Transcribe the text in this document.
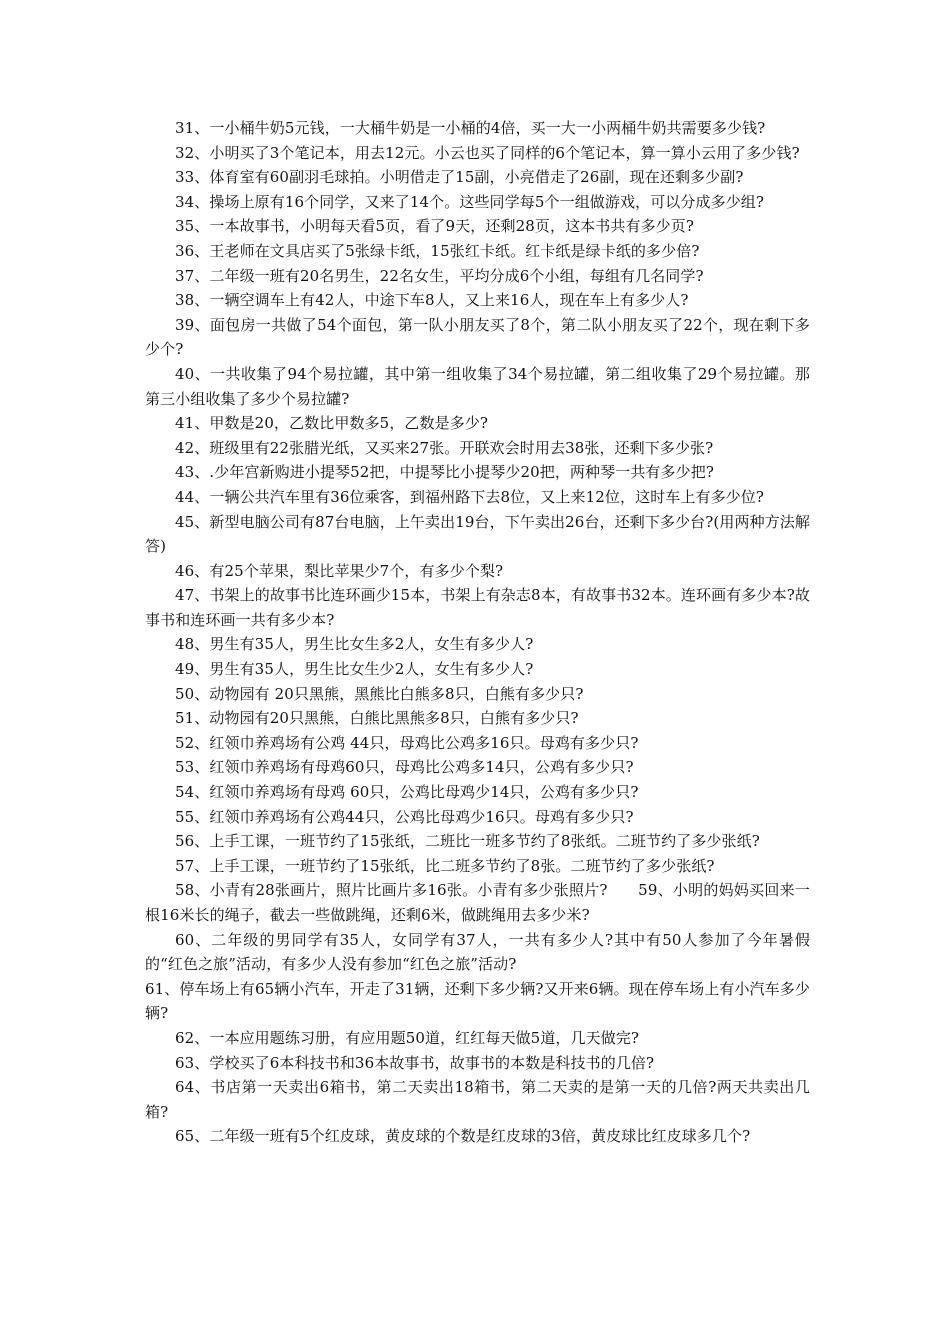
31、一小桶牛奶5元钱，一大桶牛奶是一小桶的4倍，买一大一小两桶牛奶共需要多少钱?

32、小明买了3个笔记本，用去12元。小云也买了同样的6个笔记本，算一算小云用了多少钱?

33、体育室有60副羽毛球拍。小明借走了15副，小亮借走了26副，现在还剩多少副?

34、操场上原有16个同学，又来了14个。这些同学每5个一组做游戏，可以分成多少组?

35、一本故事书，小明每天看5页，看了9天，还剩28页，这本书共有多少页?

36、王老师在文具店买了5张绿卡纸，15张红卡纸。红卡纸是绿卡纸的多少倍?

37、二年级一班有20名男生，22名女生，平均分成6个小组，每组有几名同学?

38、一辆空调车上有42人，中途下车8人，又上来16人，现在车上有多少人?

39、面包房一共做了54个面包，第一队小朋友买了8个，第二队小朋友买了22个，现在剩下多少个?

40、一共收集了94个易拉罐，其中第一组收集了34个易拉罐，第二组收集了29个易拉罐。那第三小组收集了多少个易拉罐?

41、甲数是20，乙数比甲数多5，乙数是多少?

42、班级里有22张腊光纸，又买来27张。开联欢会时用去38张，还剩下多少张?

43、.少年宫新购进小提琴52把，中提琴比小提琴少20把，两种琴一共有多少把?

44、一辆公共汽车里有36位乘客，到福州路下去8位，又上来12位，这时车上有多少位?

45、新型电脑公司有87台电脑，上午卖出19台，下午卖出26台，还剩下多少台?(用两种方法解答)

46、有25个苹果，梨比苹果少7个，有多少个梨?

47、书架上的故事书比连环画少15本，书架上有杂志8本，有故事书32本。连环画有多少本?故事书和连环画一共有多少本?

48、男生有35人，男生比女生多2人，女生有多少人?

49、男生有35人，男生比女生少2人，女生有多少人?

50、动物园有 20只黑熊，黑熊比白熊多8只，白熊有多少只?

51、动物园有20只黑熊，白熊比黑熊多8只，白熊有多少只?

52、红领巾养鸡场有公鸡 44只，母鸡比公鸡多16只。母鸡有多少只?

53、红领巾养鸡场有母鸡60只，母鸡比公鸡多14只，公鸡有多少只?

54、红领巾养鸡场有母鸡 60只，公鸡比母鸡少14只，公鸡有多少只?

55、红领巾养鸡场有公鸡44只，公鸡比母鸡少16只。母鸡有多少只?

56、上手工课，一班节约了15张纸，二班比一班多节约了8张纸。二班节约了多少张纸?

57、上手工课，一班节约了15张纸，比二班多节约了8张。二班节约了多少张纸?

58、小青有28张画片，照片比画片多16张。小青有多少张照片?　　59、小明的妈妈买回来一根16米长的绳子，截去一些做跳绳，还剩6米，做跳绳用去多少米?

60、二年级的男同学有35人，女同学有37人，一共有多少人?其中有50人参加了今年暑假的“红色之旅”活动，有多少人没有参加“红色之旅”活动?

61、停车场上有65辆小汽车，开走了31辆，还剩下多少辆?又开来6辆。现在停车场上有小汽车多少辆?

62、一本应用题练习册，有应用题50道，红红每天做5道，几天做完?

63、学校买了6本科技书和36本故事书，故事书的本数是科技书的几倍?

64、书店第一天卖出6箱书，第二天卖出18箱书，第二天卖的是第一天的几倍?两天共卖出几箱?

65、二年级一班有5个红皮球，黄皮球的个数是红皮球的3倍，黄皮球比红皮球多几个?
